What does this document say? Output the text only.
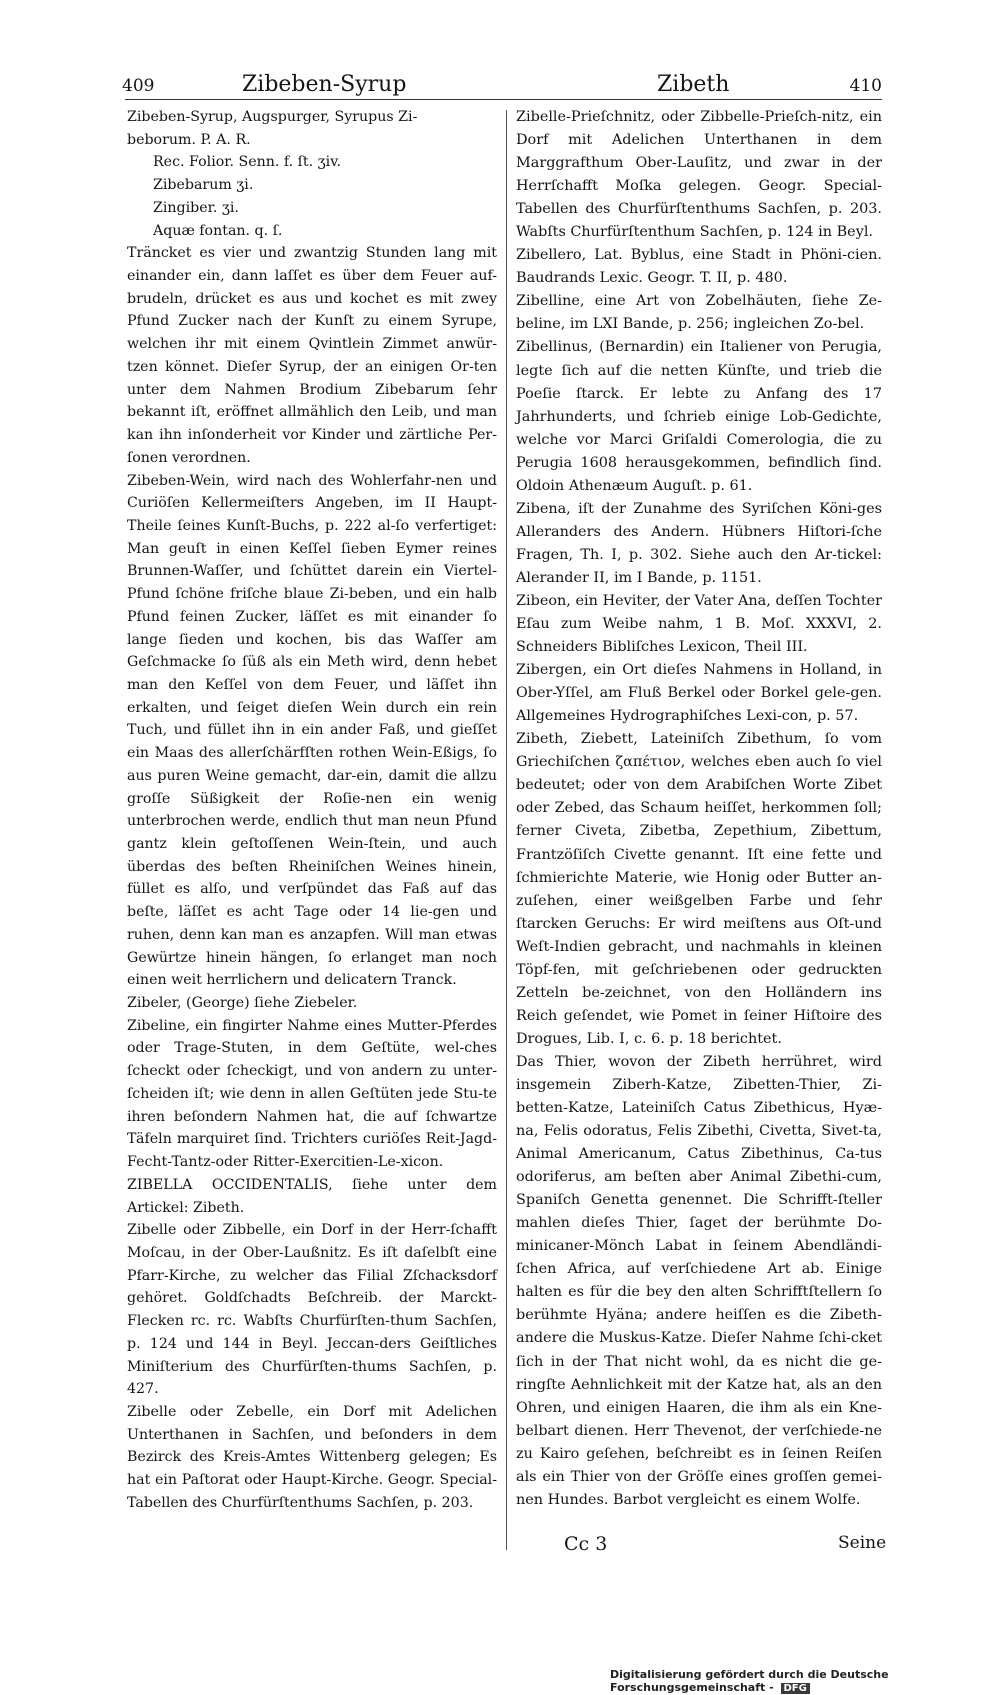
409	Zibeben-Syrup	Zibeth	410

Zibeben-Syrup, Augspurger, Syrupus Zi-

beborum. P. A. R.

Rec. Folior. Senn. f. ſt. ʒiv.
Zibebarum ʒi.
Zingiber. ʒi.
Aquæ fontan. q. ſ.

Träncket es vier und zwantzig Stunden lang mit einander ein, dann laſſet es über dem Feuer auf-brudeln, drücket es aus und kochet es mit zwey Pfund Zucker nach der Kunſt zu einem Syrupe, welchen ihr mit einem Qvintlein Zimmet anwür-tzen könnet. Dieſer Syrup, der an einigen Or-ten unter dem Nahmen Brodium Zibebarum ſehr bekannt iſt, eröffnet allmählich den Leib, und man kan ihn inſonderheit vor Kinder und zärtliche Per-ſonen verordnen.

Zibeben-Wein, wird nach des Wohlerfahr-nen und Curiöſen Kellermeiſters Angeben, im II Haupt-Theile ſeines Kunſt-Buchs, p. 222 al-ſo verfertiget: Man geuſt in einen Keſſel ſieben Eymer reines Brunnen-Waſſer, und ſchüttet darein ein Viertel-Pfund ſchöne friſche blaue Zi-beben, und ein halb Pfund feinen Zucker, läſſet es mit einander ſo lange ſieden und kochen, bis das Waſſer am Geſchmacke ſo ſüß als ein Meth wird, denn hebet man den Keſſel von dem Feuer, und läſſet ihn erkalten, und ſeiget dieſen Wein durch ein rein Tuch, und füllet ihn in ein ander Faß, und gieſſet ein Maas des allerſchärfſten rothen Wein-Eßigs, ſo aus puren Weine gemacht, dar-ein, damit die allzu groſſe Süßigkeit der Roſie-nen ein wenig unterbrochen werde, endlich thut man neun Pfund gantz klein geſtoſſenen Wein-ſtein, und auch überdas des beſten Rheiniſchen Weines hinein, füllet es alſo, und verſpündet das Faß auf das beſte, läſſet es acht Tage oder 14 lie-gen und ruhen, denn kan man es anzapfen. Will man etwas Gewürtze hinein hängen, ſo erlanget man noch einen weit herrlichern und delicatern Tranck.

Zibeler, (George) ſiehe Ziebeler.

Zibeline, ein fingirter Nahme eines Mutter-Pferdes oder Trage-Stuten, in dem Geſtüte, wel-ches ſcheckt oder ſcheckigt, und von andern zu unter-ſcheiden iſt; wie denn in allen Geſtüten jede Stu-te ihren beſondern Nahmen hat, die auf ſchwartze Täfeln marquiret ſind. Trichters curiöſes Reit-Jagd-Fecht-Tantz-oder Ritter-Exercitien-Le-xicon.

ZIBELLA OCCIDENTALIS, ſiehe unter dem Artickel: Zibeth.

Zibelle oder Zibbelle, ein Dorf in der Herr-ſchafft Moſcau, in der Ober-Laußnitz. Es iſt daſelbſt eine Pfarr-Kirche, zu welcher das Filial Zſchacksdorf gehöret. Goldſchadts Beſchreib. der Marckt-Flecken rc. rc. Wabſts Churfürſten-thum Sachſen, p. 124 und 144 in Beyl. Jeccan-ders Geiſtliches Miniſterium des Churfürſten-thums Sachſen, p. 427.

Zibelle oder Zebelle, ein Dorf mit Adelichen Unterthanen in Sachſen, und beſonders in dem Bezirck des Kreis-Amtes Wittenberg gelegen; Es hat ein Paſtorat oder Haupt-Kirche. Geogr. Special-Tabellen des Churfürſtenthums Sachſen, p. 203.

Zibelle-Prieſchnitz, oder Zibbelle-Prieſch-nitz, ein Dorf mit Adelichen Unterthanen in dem Marggrafthum Ober-Lauſitz, und zwar in der Herrſchafft Moſka gelegen. Geogr. Special-Tabellen des Churfürſtenthums Sachſen, p. 203. Wabſts Churfürſtenthum Sachſen, p. 124 in Beyl.

Zibellero, Lat. Byblus, eine Stadt in Phöni-cien. Baudrands Lexic. Geogr. T. II, p. 480.

Zibelline, eine Art von Zobelhäuten, ſiehe Ze-beline, im LXI Bande, p. 256; ingleichen Zo-bel.

Zibellinus, (Bernardin) ein Italiener von Perugia, legte ſich auf die netten Künſte, und trieb die Poeſie ſtarck. Er lebte zu Anfang des 17 Jahrhunderts, und ſchrieb einige Lob-Gedichte, welche vor Marci Griſaldi Comerologia, die zu Perugia 1608 herausgekommen, befindlich ſind. Oldoin Athenæum Auguſt. p. 61.

Zibena, iſt der Zunahme des Syriſchen Köni-ges Alleranders des Andern. Hübners Hiſtori-ſche Fragen, Th. I, p. 302. Siehe auch den Ar-tickel: Alerander II, im I Bande, p. 1151.

Zibeon, ein Heviter, der Vater Ana, deſſen Tochter Eſau zum Weibe nahm, 1 B. Moſ. XXXVI, 2. Schneiders Bibliſches Lexicon, Theil III.

Zibergen, ein Ort dieſes Nahmens in Holland, in Ober-Yſſel, am Fluß Berkel oder Borkel gele-gen. Allgemeines Hydrographiſches Lexi-con, p. 57.

Zibeth, Ziebett, Lateiniſch Zibethum, ſo vom Griechiſchen ζαπέτιον, welches eben auch ſo viel bedeutet; oder von dem Arabiſchen Worte Zibet oder Zebed, das Schaum heiſſet, herkommen ſoll; ferner Civeta, Zibetba, Zepethium, Zibettum, Frantzöſiſch Civette genannt. Iſt eine fette und ſchmierichte Materie, wie Honig oder Butter an-zuſehen, einer weißgelben Farbe und ſehr ſtarcken Geruchs: Er wird meiſtens aus Oſt-und Weſt-Indien gebracht, und nachmahls in kleinen Töpf-fen, mit geſchriebenen oder gedruckten Zetteln be-zeichnet, von den Holländern ins Reich geſendet, wie Pomet in ſeiner Hiſtoire des Drogues, Lib. I, c. 6. p. 18 berichtet.

Das Thier, wovon der Zibeth herrühret, wird insgemein Ziberh-Katze, Zibetten-Thier, Zi-betten-Katze, Lateiniſch Catus Zibethicus, Hyæ-na, Felis odoratus, Felis Zibethi, Civetta, Sivet-ta, Animal Americanum, Catus Zibethinus, Ca-tus odoriferus, am beſten aber Animal Zibethi-cum, Spaniſch Genetta genennet. Die Schrifft-ſteller mahlen dieſes Thier, ſaget der berühmte Do-minicaner-Mönch Labat in ſeinem Abendländi-ſchen Africa, auf verſchiedene Art ab. Einige halten es für die bey den alten Schrifftſtellern ſo berühmte Hyäna; andere heiſſen es die Zibeth-andere die Muskus-Katze. Dieſer Nahme ſchi-cket ſich in der That nicht wohl, da es nicht die ge-ringſte Aehnlichkeit mit der Katze hat, als an den Ohren, und einigen Haaren, die ihm als ein Kne-belbart dienen. Herr Thevenot, der verſchiede-ne zu Kairo geſehen, beſchreibt es in ſeinen Reiſen als ein Thier von der Gröſſe eines groſſen gemei-nen Hundes. Barbot vergleicht es einem Wolfe.

Cc 3	Seine
Digitalisierung gefördert durch die Deutsche Forschungsgemeinschaft - DFG
